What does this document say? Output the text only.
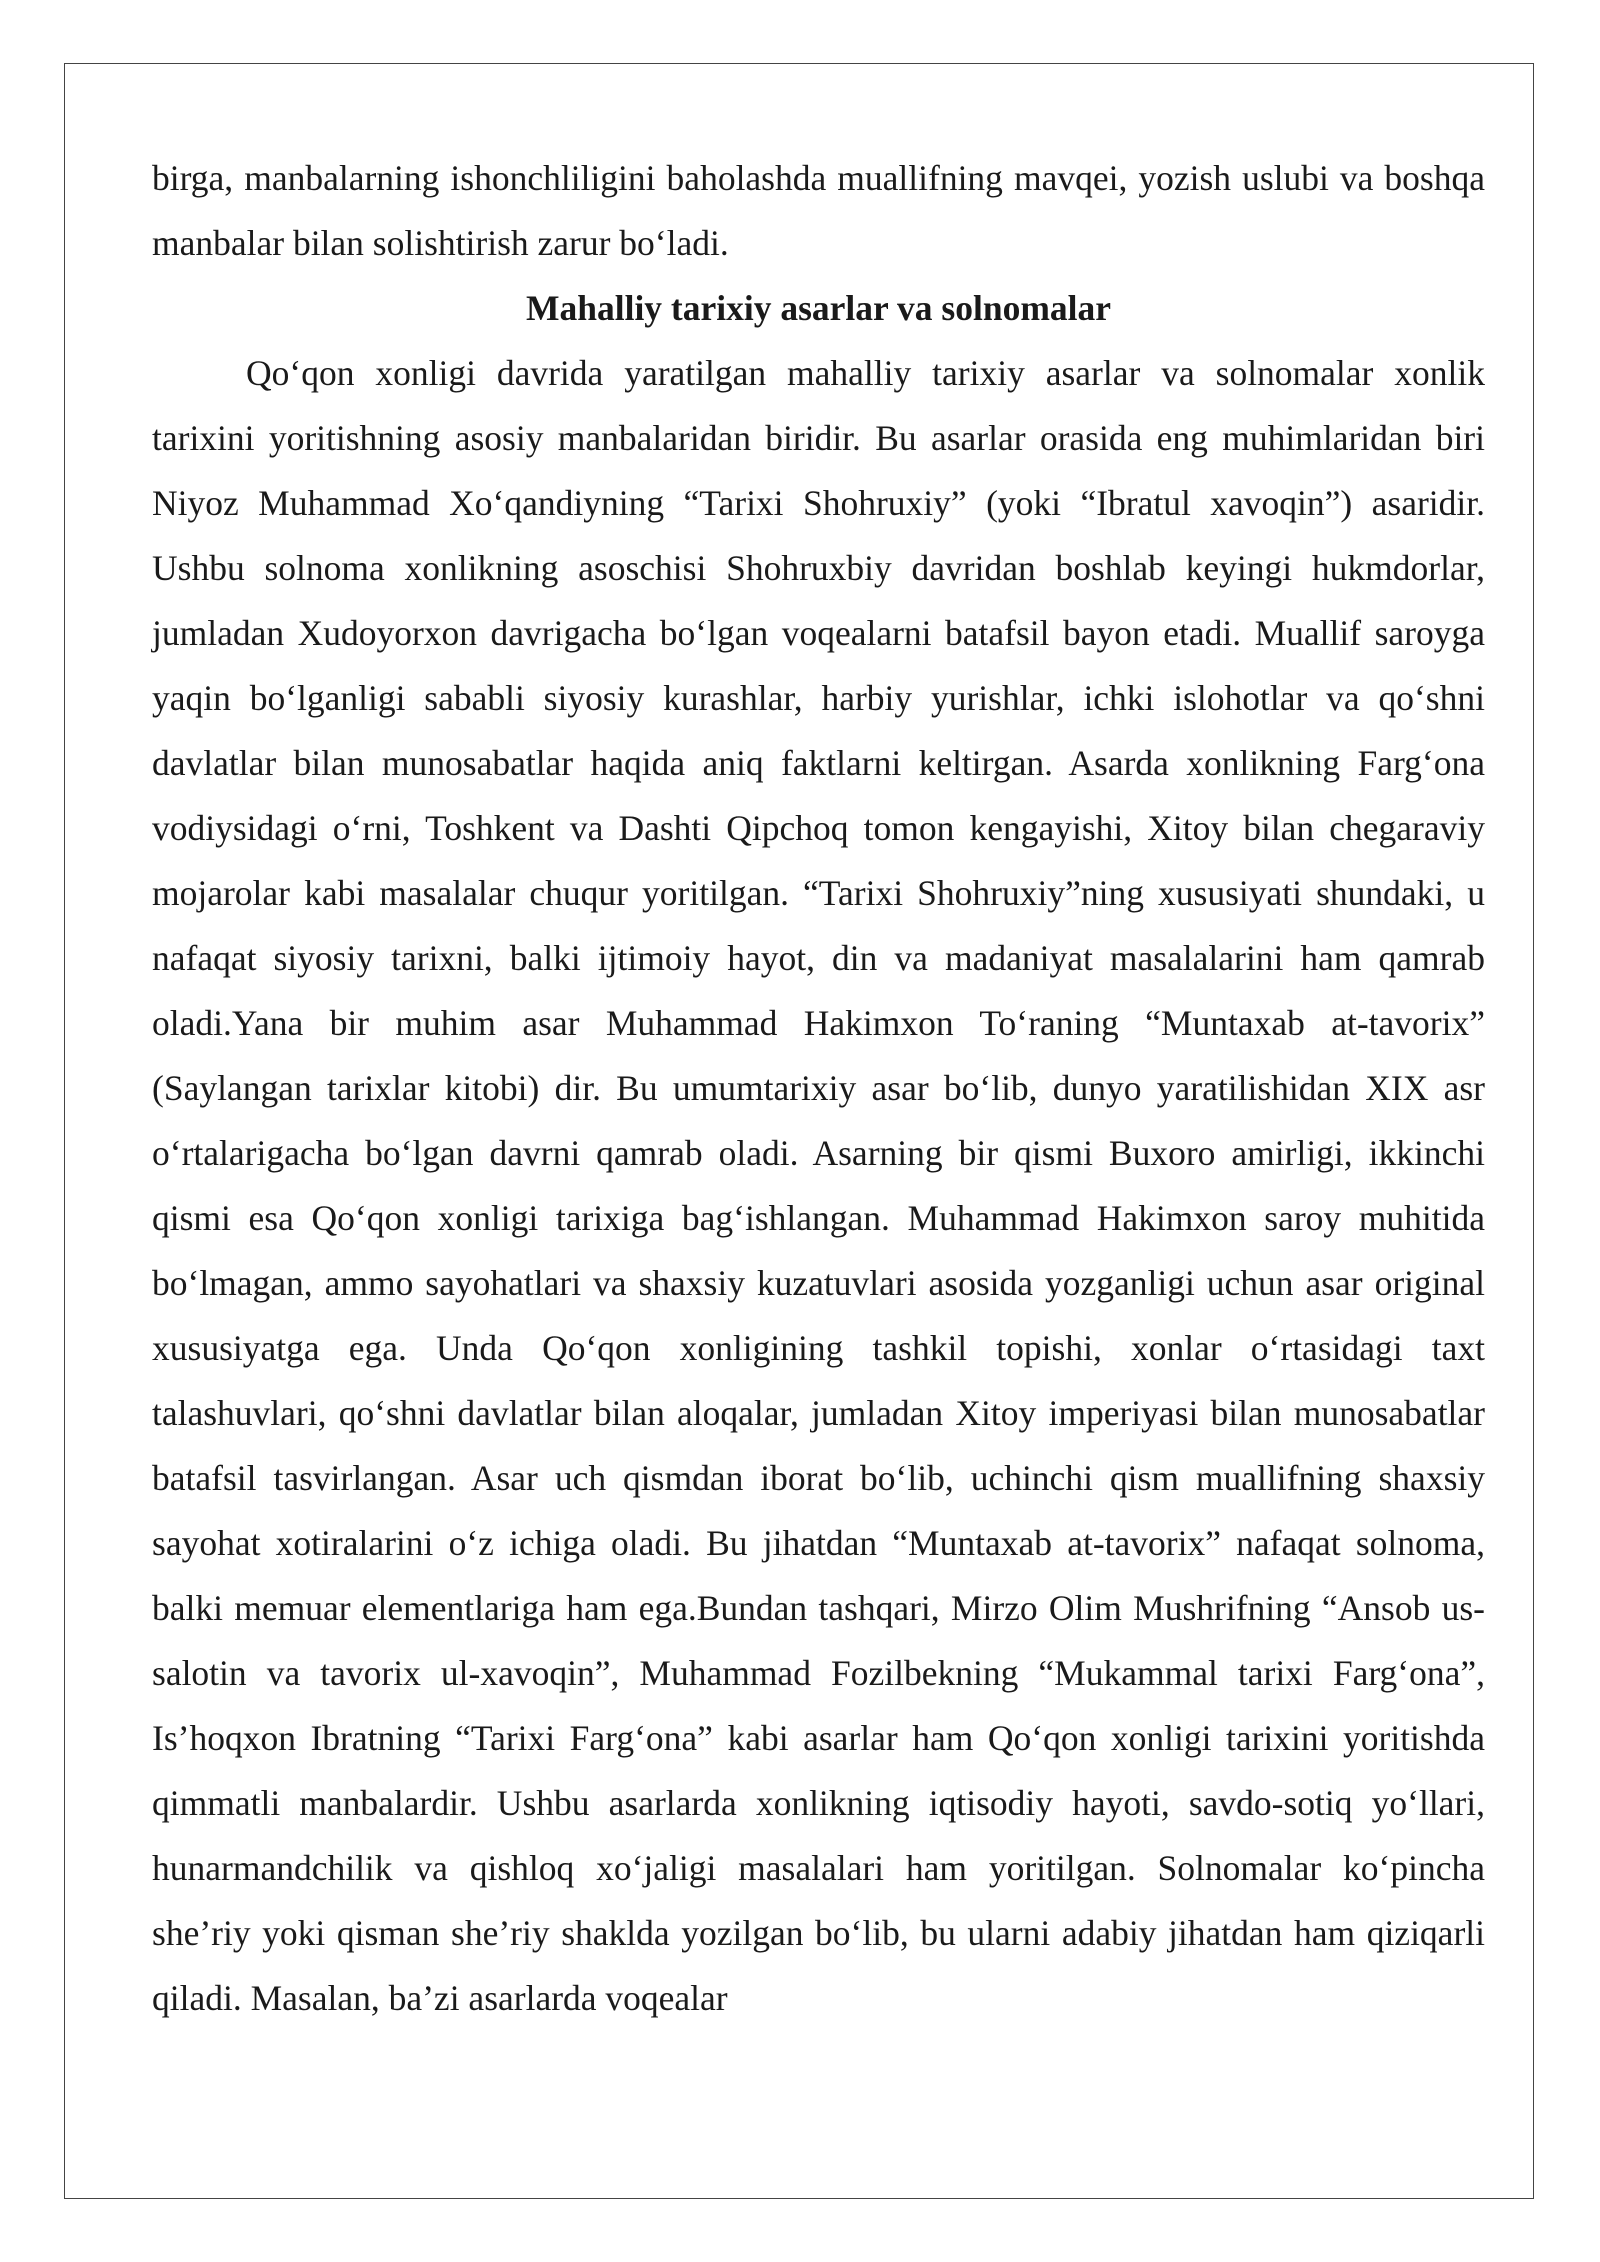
birga, manbalarning ishonchliligini baholashda muallifning mavqei, yozish uslubi va boshqa manbalar bilan solishtirish zarur bo‘ladi.

Mahalliy tarixiy asarlar va solnomalar

Qo‘qon xonligi davrida yaratilgan mahalliy tarixiy asarlar va solnomalar xonlik tarixini yoritishning asosiy manbalaridan biridir. Bu asarlar orasida eng muhimlaridan biri Niyoz Muhammad Xo‘qandiyning “Tarixi Shohruxiy” (yoki “Ibratul xavoqin”) asaridir. Ushbu solnoma xonlikning asoschisi Shohruxbiy davridan boshlab keyingi hukmdorlar, jumladan Xudoyorxon davrigacha bo‘lgan voqealarni batafsil bayon etadi. Muallif saroyga yaqin bo‘lganligi sababli siyosiy kurashlar, harbiy yurishlar, ichki islohotlar va qo‘shni davlatlar bilan munosabatlar haqida aniq faktlarni keltirgan. Asarda xonlikning Farg‘ona vodiysidagi o‘rni, Toshkent va Dashti Qipchoq tomon kengayishi, Xitoy bilan chegaraviy mojarolar kabi masalalar chuqur yoritilgan. “Tarixi Shohruxiy”ning xususiyati shundaki, u nafaqat siyosiy tarixni, balki ijtimoiy hayot, din va madaniyat masalalarini ham qamrab oladi.Yana bir muhim asar Muhammad Hakimxon To‘raning “Muntaxab at-tavorix” (Saylangan tarixlar kitobi) dir. Bu umumtarixiy asar bo‘lib, dunyo yaratilishidan XIX asr o‘rtalarigacha bo‘lgan davrni qamrab oladi. Asarning bir qismi Buxoro amirligi, ikkinchi qismi esa Qo‘qon xonligi tarixiga bag‘ishlangan. Muhammad Hakimxon saroy muhitida bo‘lmagan, ammo sayohatlari va shaxsiy kuzatuvlari asosida yozganligi uchun asar original xususiyatga ega. Unda Qo‘qon xonligining tashkil topishi, xonlar o‘rtasidagi taxt talashuvlari, qo‘shni davlatlar bilan aloqalar, jumladan Xitoy imperiyasi bilan munosabatlar batafsil tasvirlangan. Asar uch qismdan iborat bo‘lib, uchinchi qism muallifning shaxsiy sayohat xotiralarini o‘z ichiga oladi. Bu jihatdan “Muntaxab at-tavorix” nafaqat solnoma, balki memuar elementlariga ham ega.Bundan tashqari, Mirzo Olim Mushrifning “Ansob us-salotin va tavorix ul-xavoqin”, Muhammad Fozilbekning “Mukammal tarixi Farg‘ona”, Is’hoqxon Ibratning “Tarixi Farg‘ona” kabi asarlar ham Qo‘qon xonligi tarixini yoritishda qimmatli manbalardir. Ushbu asarlarda xonlikning iqtisodiy hayoti, savdo-sotiq yo‘llari, hunarmandchilik va qishloq xo‘jaligi masalalari ham yoritilgan. Solnomalar ko‘pincha she’riy yoki qisman she’riy shaklda yozilgan bo‘lib, bu ularni adabiy jihatdan ham qiziqarli qiladi. Masalan, ba’zi asarlarda voqealar
